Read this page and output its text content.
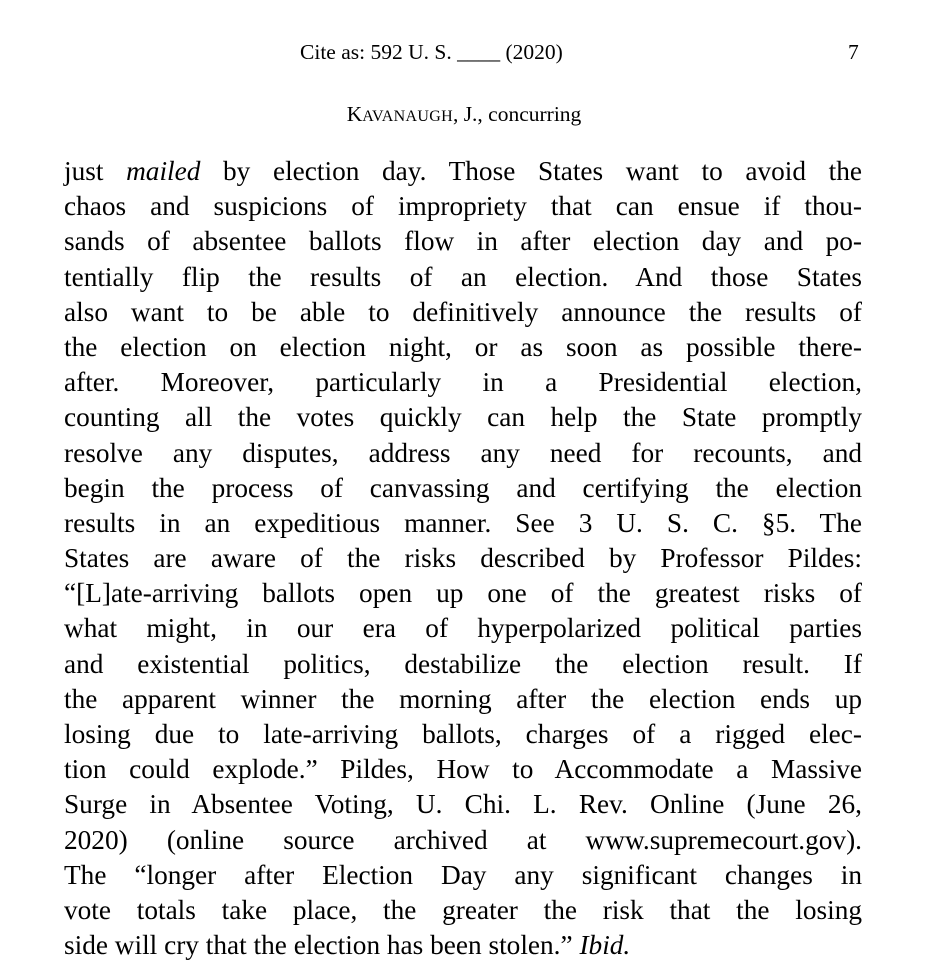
Cite as: 592 U. S. ____ (2020)	7
KAVANAUGH, J., concurring
just mailed by election day. Those States want to avoid the
chaos and suspicions of impropriety that can ensue if thou-
sands of absentee ballots flow in after election day and po-
tentially flip the results of an election. And those States
also want to be able to definitively announce the results of
the election on election night, or as soon as possible there-
after. Moreover, particularly in a Presidential election,
counting all the votes quickly can help the State promptly
resolve any disputes, address any need for recounts, and
begin the process of canvassing and certifying the election
results in an expeditious manner. See 3 U. S. C. §5. The
States are aware of the risks described by Professor Pildes:
“[L]ate-arriving ballots open up one of the greatest risks of
what might, in our era of hyperpolarized political parties
and existential politics, destabilize the election result. If
the apparent winner the morning after the election ends up
losing due to late-arriving ballots, charges of a rigged elec-
tion could explode.” Pildes, How to Accommodate a Massive
Surge in Absentee Voting, U. Chi. L. Rev. Online (June 26,
2020) (online source archived at www.supremecourt.gov).
The “longer after Election Day any significant changes in
vote totals take place, the greater the risk that the losing
side will cry that the election has been stolen.” Ibid.
